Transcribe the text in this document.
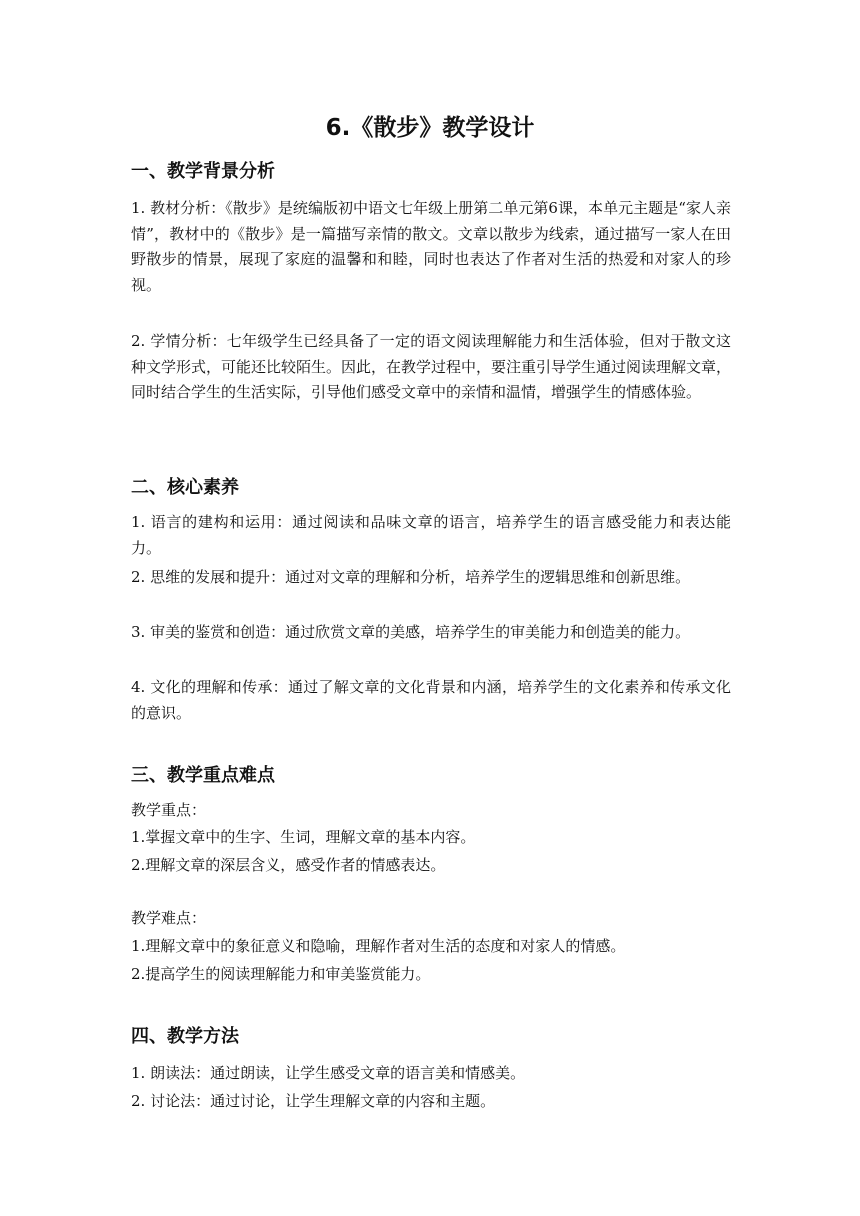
6.《散步》教学设计
一、教学背景分析

1. 教材分析：《散步》是统编版初中语文七年级上册第二单元第6课，本单元主题是“家人亲情”，教材中的《散步》是一篇描写亲情的散文。文章以散步为线索，通过描写一家人在田野散步的情景，展现了家庭的温馨和和睦，同时也表达了作者对生活的热爱和对家人的珍视。

2. 学情分析：七年级学生已经具备了一定的语文阅读理解能力和生活体验，但对于散文这种文学形式，可能还比较陌生。因此，在教学过程中，要注重引导学生通过阅读理解文章，同时结合学生的生活实际，引导他们感受文章中的亲情和温情，增强学生的情感体验。

二、核心素养

1. 语言的建构和运用：通过阅读和品味文章的语言，培养学生的语言感受能力和表达能力。

2. 思维的发展和提升：通过对文章的理解和分析，培养学生的逻辑思维和创新思维。

3. 审美的鉴赏和创造：通过欣赏文章的美感，培养学生的审美能力和创造美的能力。

4. 文化的理解和传承：通过了解文章的文化背景和内涵，培养学生的文化素养和传承文化的意识。

三、教学重点难点

教学重点：

1.掌握文章中的生字、生词，理解文章的基本内容。

2.理解文章的深层含义，感受作者的情感表达。

教学难点：

1.理解文章中的象征意义和隐喻，理解作者对生活的态度和对家人的情感。

2.提高学生的阅读理解能力和审美鉴赏能力。

四、教学方法

1. 朗读法：通过朗读，让学生感受文章的语言美和情感美。

2. 讨论法：通过讨论，让学生理解文章的内容和主题。
